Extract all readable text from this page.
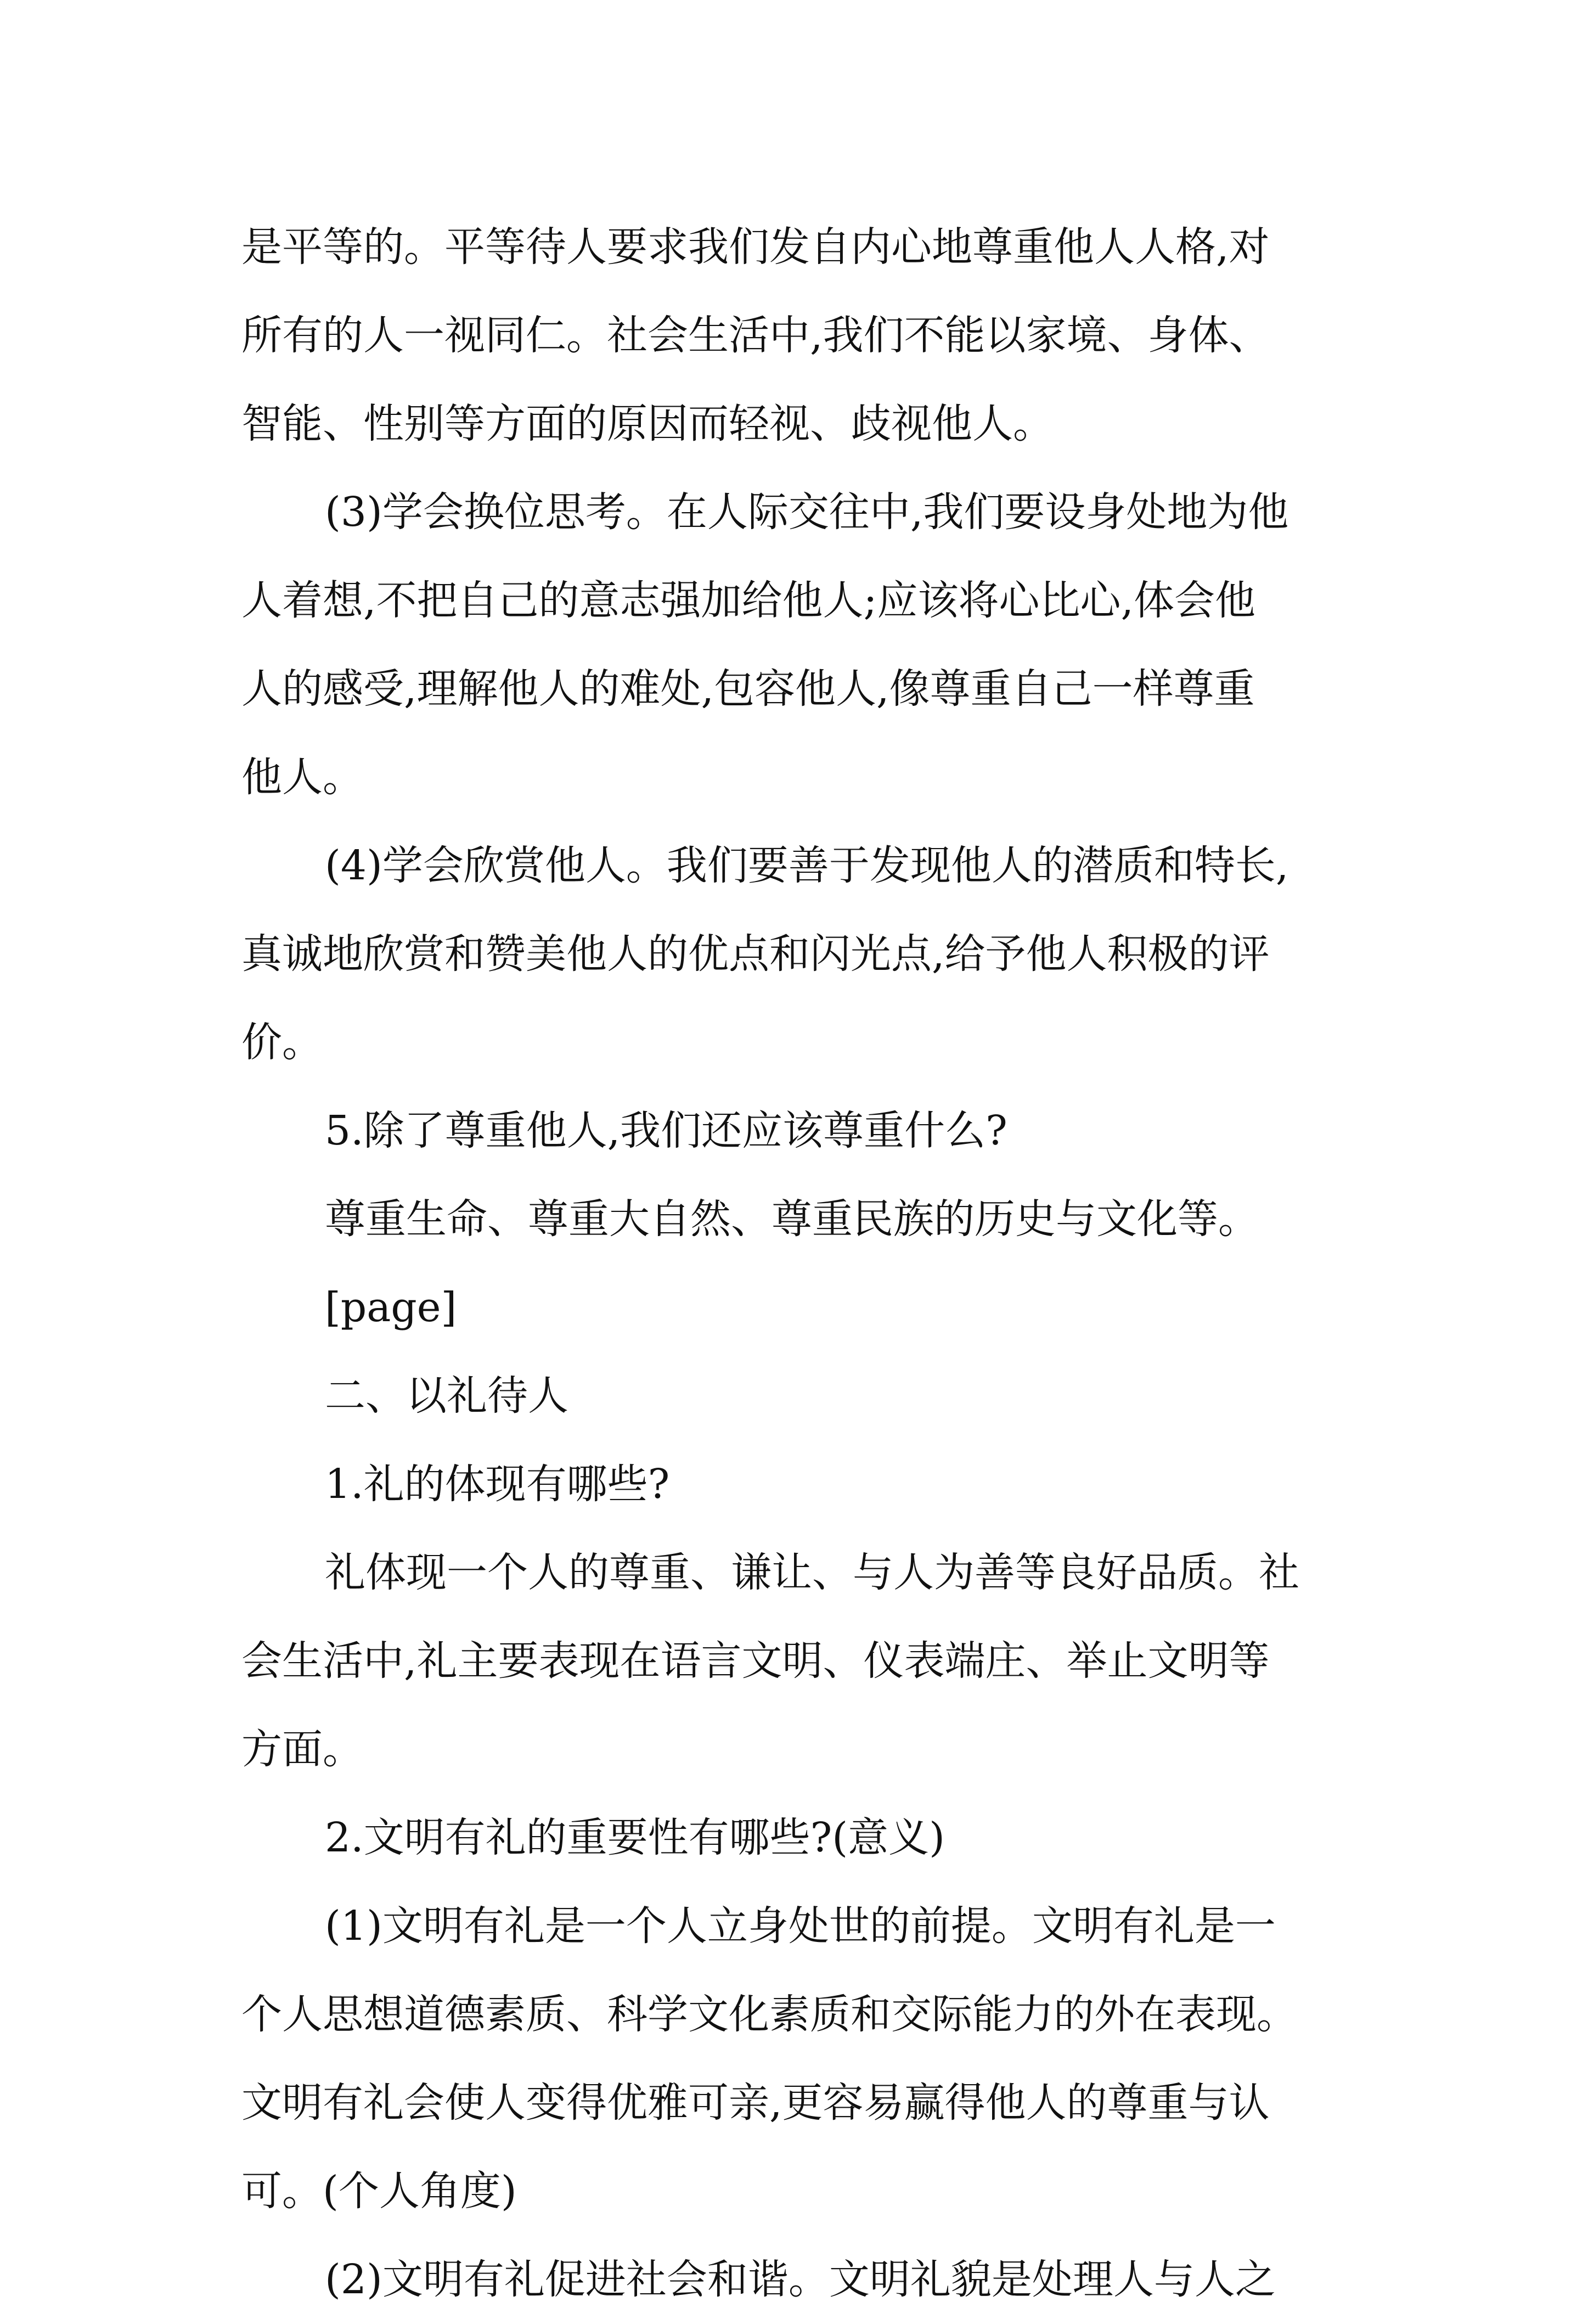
是平等的。平等待人要求我们发自内心地尊重他人人格,对
所有的人一视同仁。社会生活中,我们不能以家境、身体、
智能、性别等方面的原因而轻视、歧视他人。
(3)学会换位思考。在人际交往中,我们要设身处地为他
人着想,不把自己的意志强加给他人;应该将心比心,体会他
人的感受,理解他人的难处,包容他人,像尊重自己一样尊重
他人。
(4)学会欣赏他人。我们要善于发现他人的潜质和特长,
真诚地欣赏和赞美他人的优点和闪光点,给予他人积极的评
价。
5.除了尊重他人,我们还应该尊重什么?
尊重生命、尊重大自然、尊重民族的历史与文化等。
[page]
二、以礼待人
1.礼的体现有哪些?
礼体现一个人的尊重、谦让、与人为善等良好品质。社
会生活中,礼主要表现在语言文明、仪表端庄、举止文明等
方面。
2.文明有礼的重要性有哪些?(意义)
(1)文明有礼是一个人立身处世的前提。文明有礼是一
个人思想道德素质、科学文化素质和交际能力的外在表现。
文明有礼会使人变得优雅可亲,更容易赢得他人的尊重与认
可。(个人角度)
(2)文明有礼促进社会和谐。文明礼貌是处理人与人之
